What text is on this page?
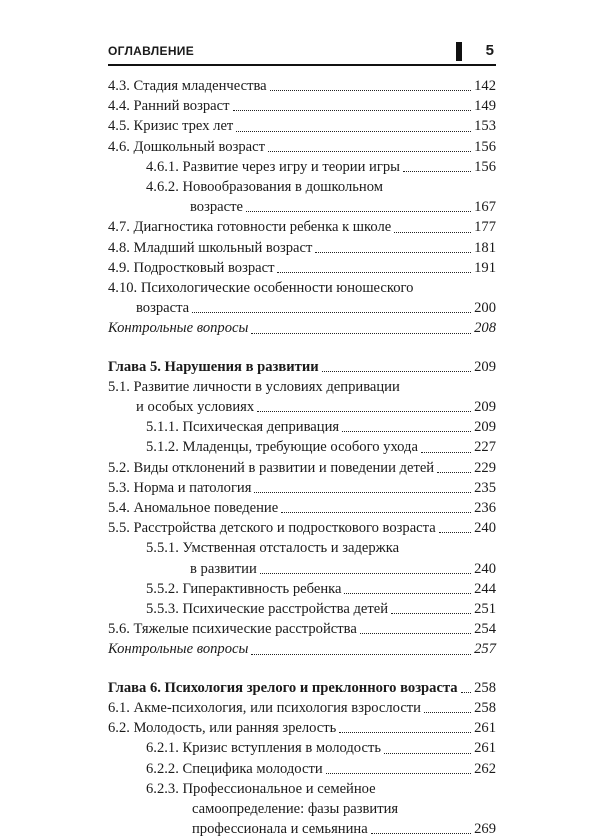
ОГЛАВЛЕНИЕ	5
4.3. Стадия младенчества	142
4.4. Ранний возраст	149
4.5. Кризис трех лет	153
4.6. Дошкольный возраст	156
4.6.1. Развитие через игру и теории игры	156
4.6.2. Новообразования в дошкольном
возрасте	167
4.7. Диагностика готовности ребенка к школе	177
4.8. Младший школьный возраст	181
4.9. Подростковый возраст	191
4.10. Психологические особенности юношеского
возраста	200
Контрольные вопросы	208
Глава 5. Нарушения в развитии	209
5.1. Развитие личности в условиях депривации
и особых условиях	209
5.1.1. Психическая депривация	209
5.1.2. Младенцы, требующие особого ухода	227
5.2. Виды отклонений в развитии и поведении детей	229
5.3. Норма и патология	235
5.4. Аномальное поведение	236
5.5. Расстройства детского и подросткового возраста	240
5.5.1. Умственная отсталость и задержка
в развитии	240
5.5.2. Гиперактивность ребенка	244
5.5.3. Психические расстройства детей	251
5.6. Тяжелые психические расстройства	254
Контрольные вопросы	257
Глава 6. Психология зрелого и преклонного возраста 258
6.1. Акме-психология, или психология взрослости	258
6.2. Молодость, или ранняя зрелость	261
6.2.1. Кризис вступления в молодость	261
6.2.2. Специфика молодости	262
6.2.3. Профессиональное и семейное
самоопределение: фазы развития
профессионала и семьянина	269
